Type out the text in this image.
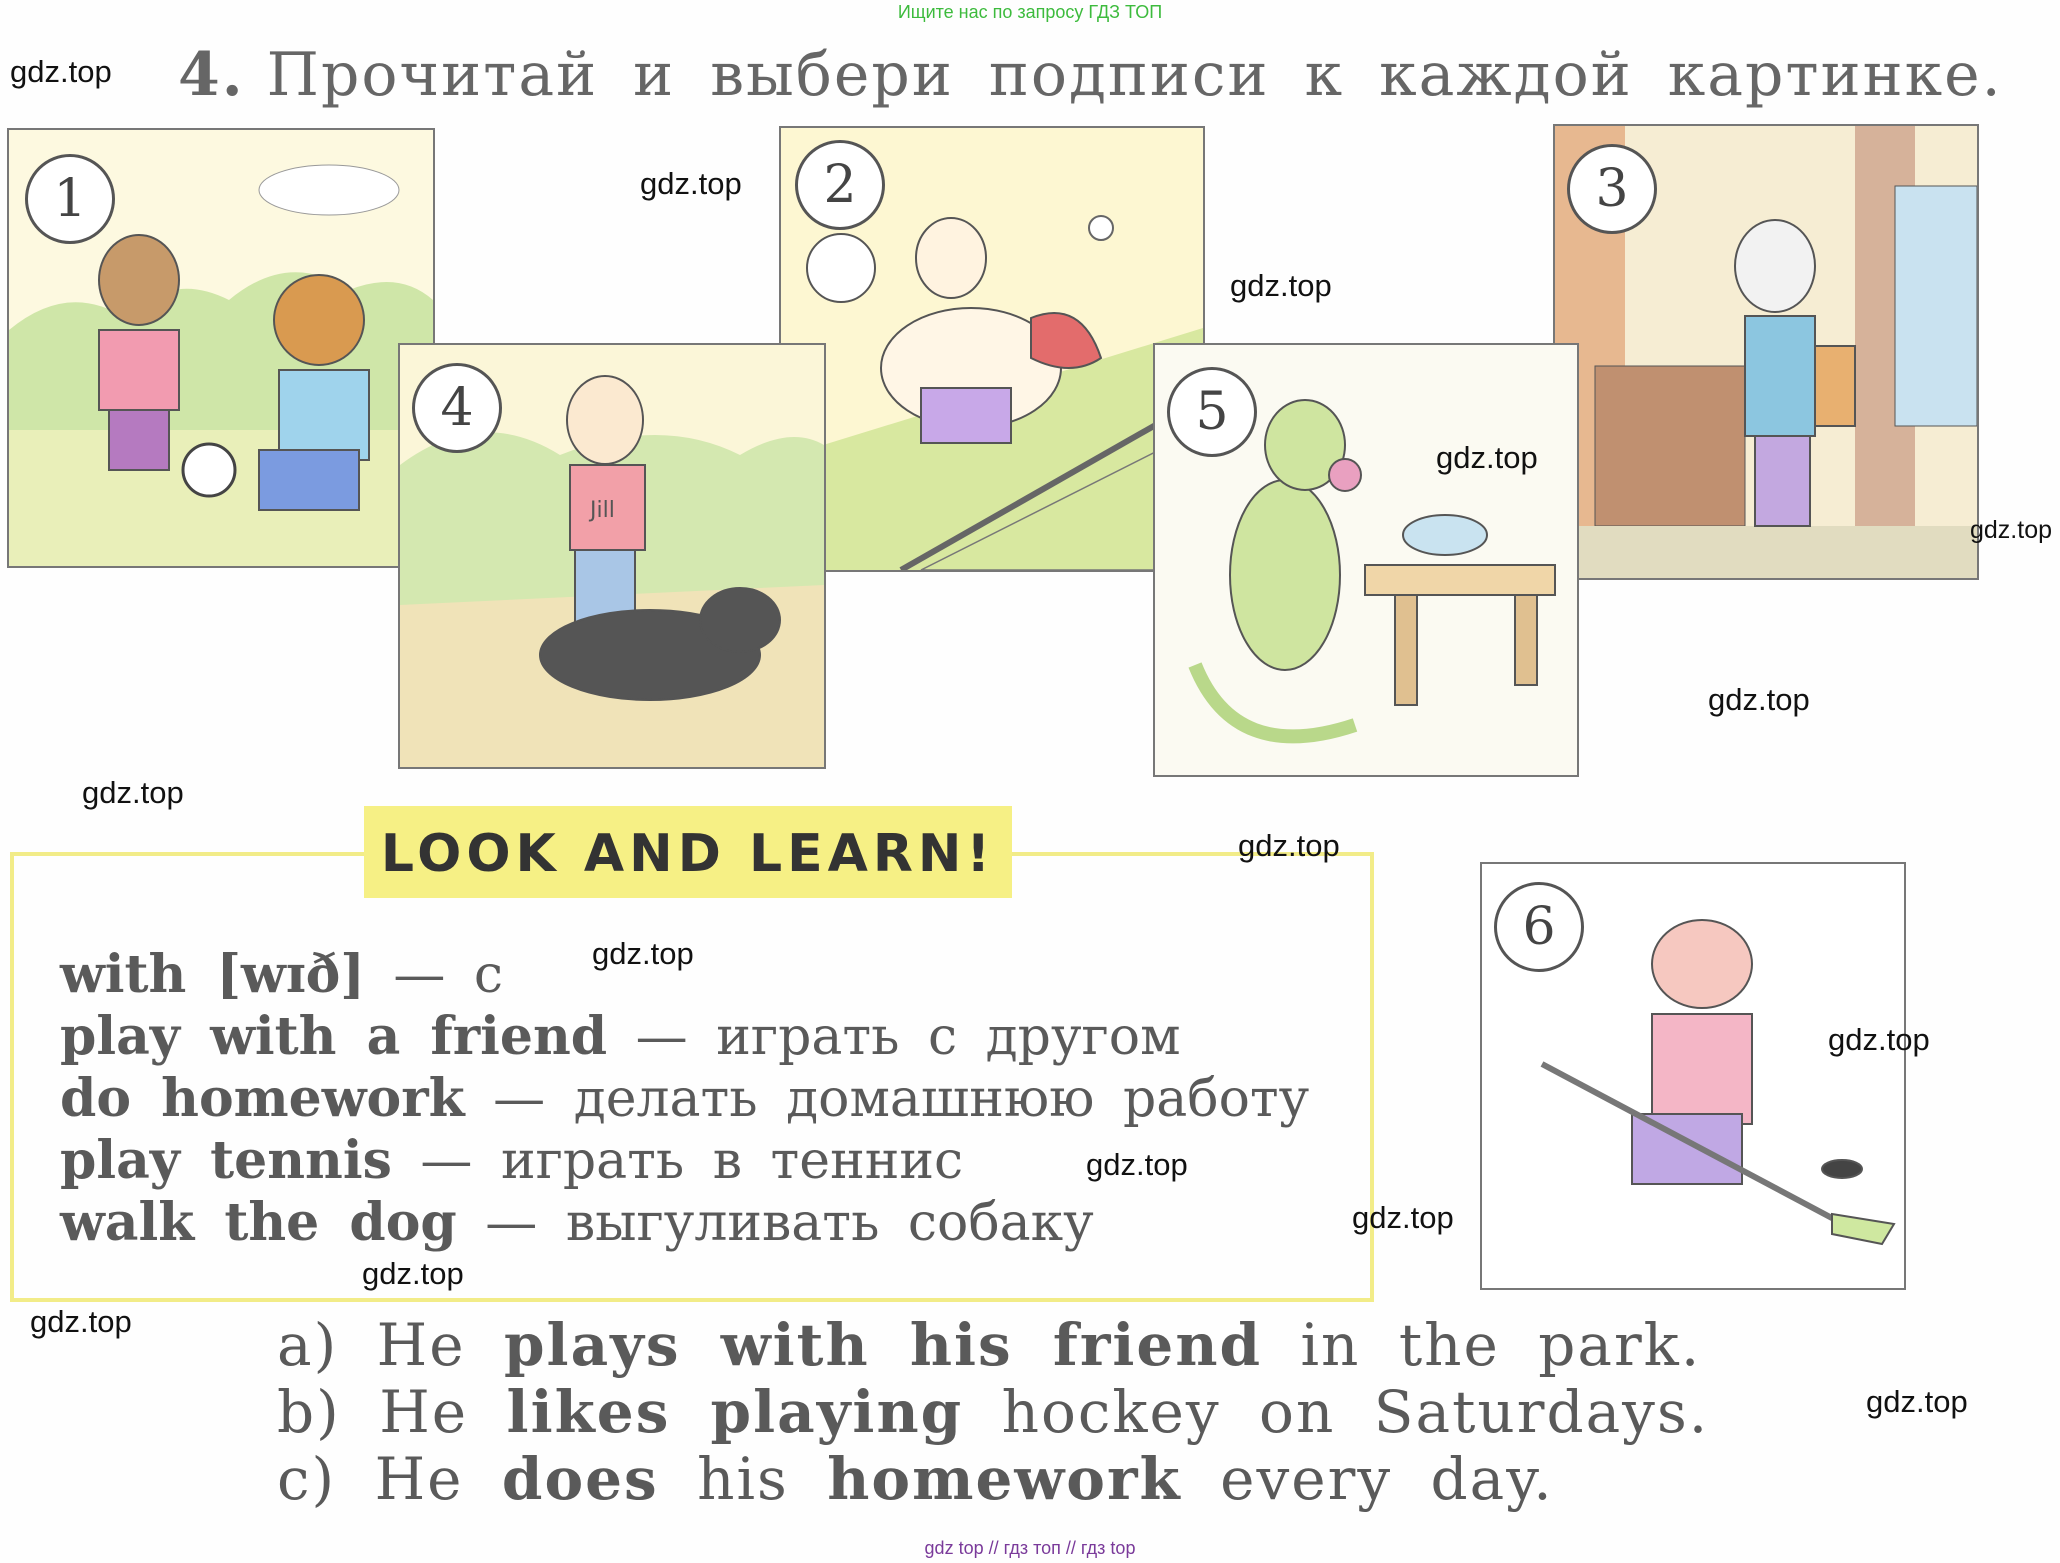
Ищите нас по запросу ГДЗ ТОП
4. Прочитай и выбери подписи к каждой картинке.
1	2	3
Jill
4	5
6
LOOK AND LEARN!
with [wɪð] — с
play with a friend — играть с другом
do homework — делать домашнюю работу
play tennis — играть в теннис
walk the dog — выгуливать собаку
a) He plays with his friend in the park.
b) He likes playing hockey on Saturdays.
c) He does his homework every day.
gdz.top
gdz.top
gdz.top
gdz.top
gdz.top
gdz.top
gdz.top
gdz.top
gdz.top
gdz.top
gdz.top
gdz.top
gdz.top
gdz.top
gdz.top
gdz top // гдз топ // гдз top
